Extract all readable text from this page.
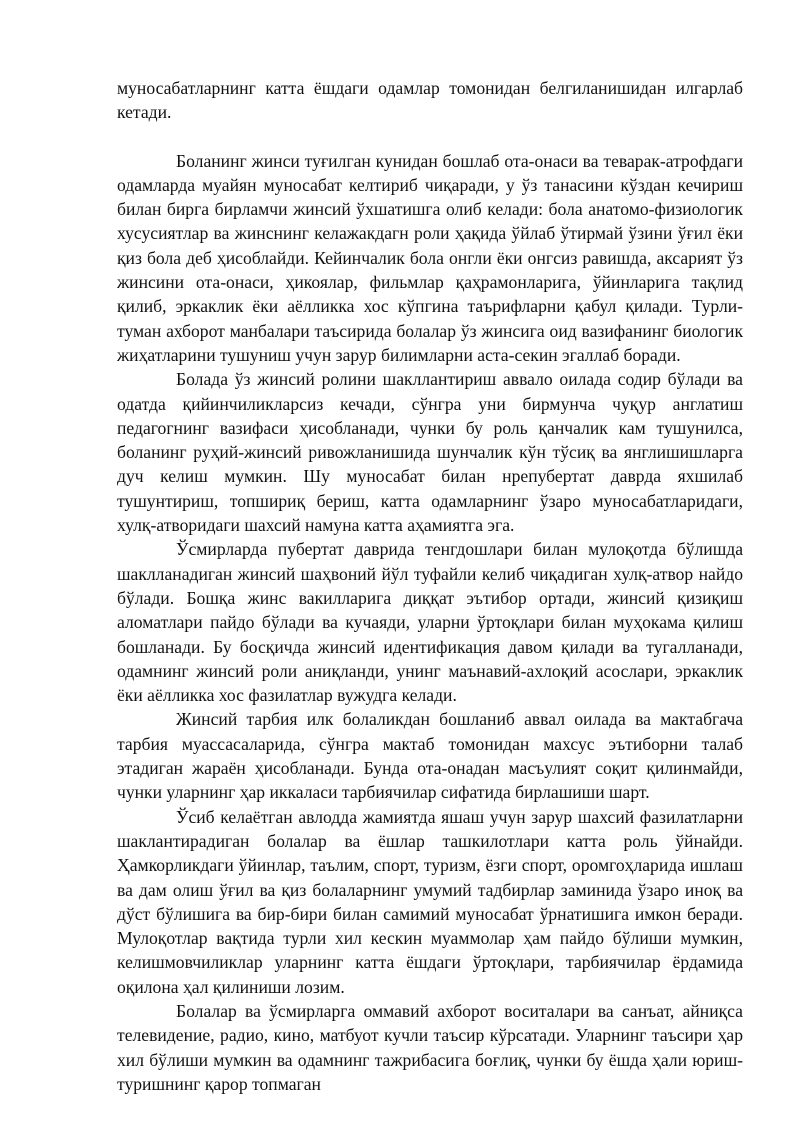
муносабатларнинг катта ёшдаги одамлар томонидан белгиланишидан илгарлаб кетади.

Боланинг жинси туғилган кунидан бошлаб ота-онаси ва теварак-атрофдаги одамларда муайян муносабат келтириб чиқаради, у ўз танасини кўздан кечириш билан бирга бирламчи жинсий ўхшатишга олиб келади: бола анатомо-физиологик хусусиятлар ва жинснинг келажакдагн роли ҳақида ўйлаб ўтирмай ўзини ўғил ёки қиз бола деб ҳисоблайди. Кейинчалик бола онгли ёки онгсиз равишда, аксарият ўз жинсини ота-онаси, ҳикоялар, фильмлар қаҳрамонларига, ўйинларига тақлид қилиб, эркаклик ёки аёлликка хос кўпгина таърифларни қабул қилади. Турли-туман ахборот манбалари таъсирида болалар ўз жинсига оид вазифанинг биологик жиҳатларини тушуниш учун зарур билимларни аста-секин эгаллаб боради.

Болада ўз жинсий ролини шакллантириш аввало оилада содир бўлади ва одатда қийинчиликларсиз кечади, сўнгра уни бирмунча чуқур англатиш педагогнинг вазифаси ҳисобланади, чунки бу роль қанчалик кам тушунилса, боланинг руҳий-жинсий ривожланишида шунчалик кўн тўсиқ ва янглишишларга дуч келиш мумкин. Шу муносабат билан нрепубертат даврда яхшилаб тушунтириш, топшириқ бериш, катта одамларнинг ўзаро муносабатларидаги, хулқ-атворидаги шахсий намуна катта аҳамиятга эга.

Ўсмирларда пубертат даврида тенгдошлари билан мулоқотда бўлишда шаклланадиган жинсий шаҳвоний йўл туфайли келиб чиқадиган хулқ-атвор найдо бўлади. Бошқа жинс вакилларига диққат эътибор ортади, жинсий қизиқиш аломатлари пайдо бўлади ва кучаяди, уларни ўртоқлари билан муҳокама қилиш бошланади. Бу босқичда жинсий идентификация давом қилади ва тугалланади, одамнинг жинсий роли аниқланди, унинг маънавий-ахлоқий асослари, эркаклик ёки аёлликка хос фазилатлар вужудга келади.

Жинсий тарбия илк болаликдан бошланиб аввал оилада ва мактабгача тарбия муассасаларида, сўнгра мактаб томонидан махсус эътиборни талаб этадиган жараён ҳисобланади. Бунда ота-онадан масъулият соқит қилинмайди, чунки уларнинг ҳар иккаласи тарбиячилар сифатида бирлашиши шарт.

Ўсиб келаётган авлодда жамиятда яшаш учун зарур шахсий фазилатларни шаклантирадиган болалар ва ёшлар ташкилотлари катта роль ўйнайди. Ҳамкорликдаги ўйинлар, таълим, спорт, туризм, ёзги спорт, оромгоҳларида ишлаш ва дам олиш ўғил ва қиз болаларнинг умумий тадбирлар заминида ўзаро иноқ ва дўст бўлишига ва бир-бири билан самимий муносабат ўрнатишига имкон беради. Мулоқотлар вақтида турли хил кескин муаммолар ҳам пайдо бўлиши мумкин, келишмовчиликлар уларнинг катта ёшдаги ўртоқлари, тарбиячилар ёрдамида оқилона ҳал қилиниши лозим.

Болалар ва ўсмирларга оммавий ахборот воситалари ва санъат, айниқса телевидение, радио, кино, матбуот кучли таъсир кўрсатади. Уларнинг таъсири ҳар хил бўлиши мумкин ва одамнинг тажрибасига боғлиқ, чунки бу ёшда ҳали юриш-туришнинг қарор топмаган
